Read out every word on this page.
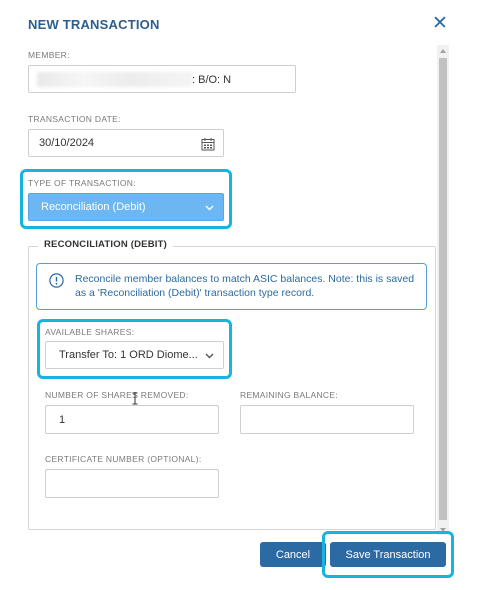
NEW TRANSACTION	✕
MEMBER:
: B/O: N
TRANSACTION DATE:
30/10/2024
TYPE OF TRANSACTION:
Reconciliation (Debit)
RECONCILIATION (DEBIT)
Reconcile member balances to match ASIC balances. Note: this is saved as a 'Reconciliation (Debit)' transaction type record.
AVAILABLE SHARES:
Transfer To: 1 ORD Diome...
NUMBER OF SHARES REMOVED:
1
REMAINING BALANCE:
CERTIFICATE NUMBER (OPTIONAL):
Cancel	Save Transaction
